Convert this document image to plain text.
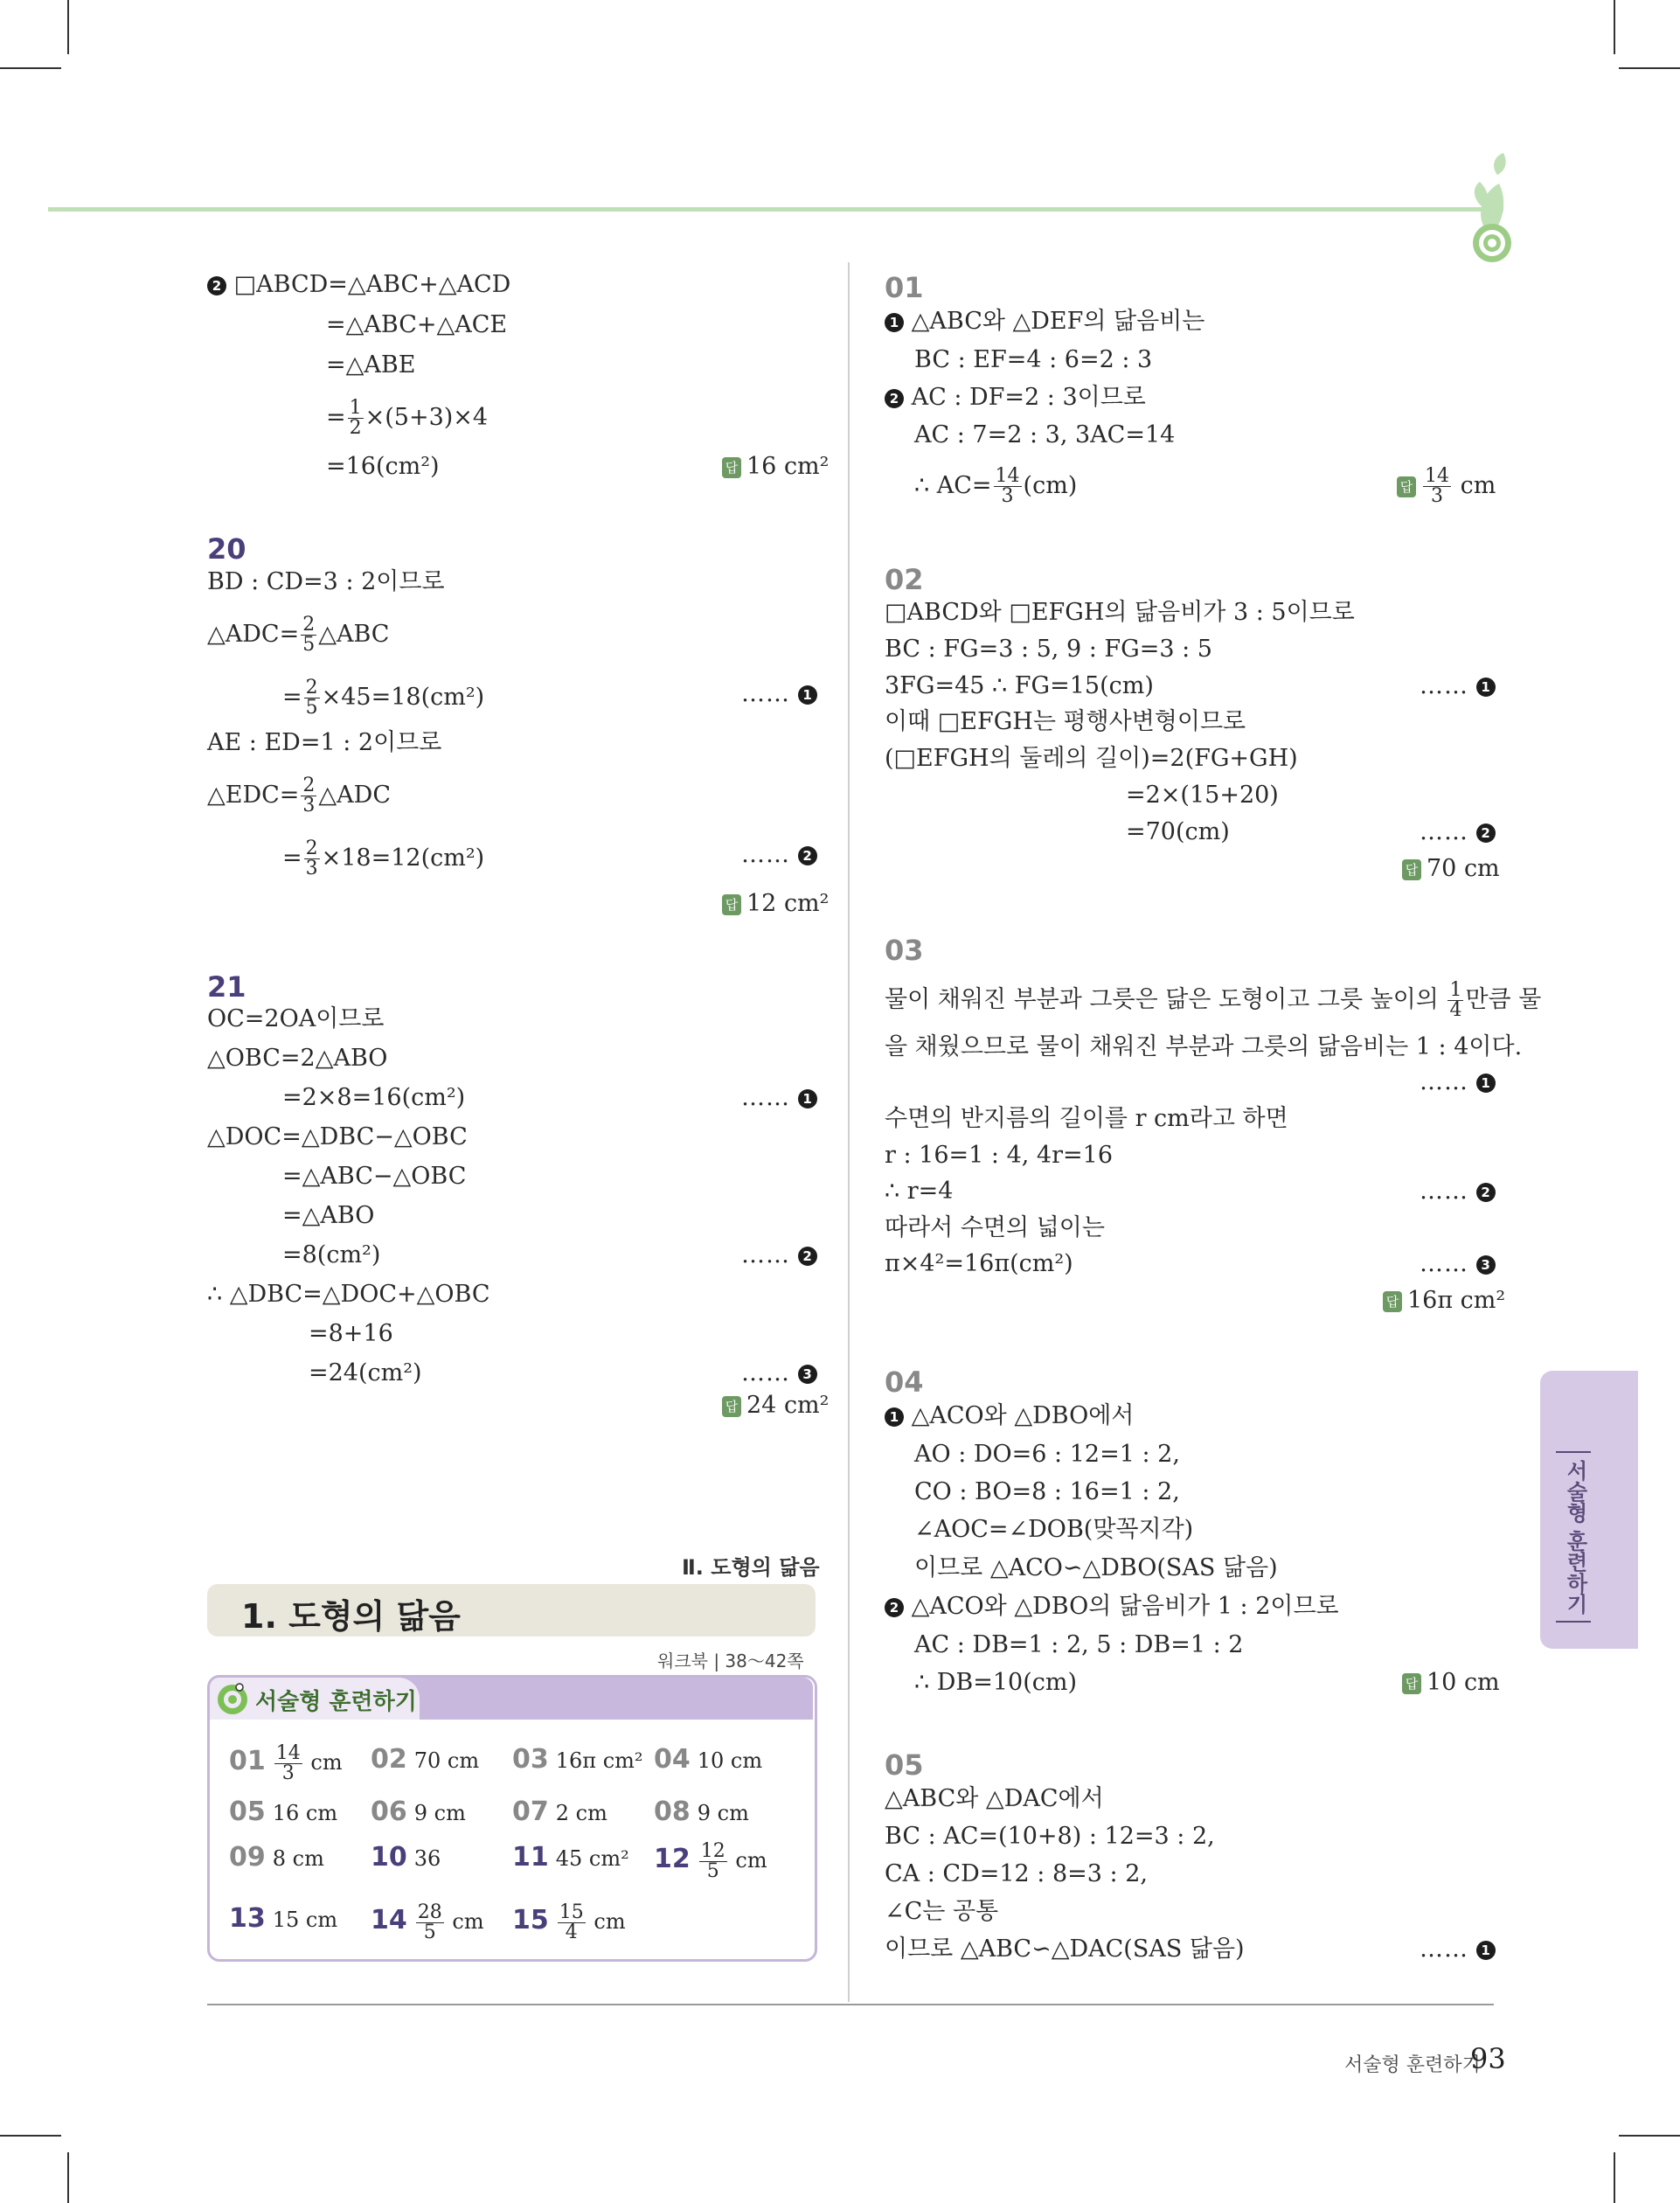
2 □ABCD=△ABC+△ACD
=△ABC+△ACE
=△ABE
= $\frac{1}{2} \times(5+3)\times 4$
=16(cm²)	답 16 cm²
20
BD : CD=3 : 2이므로
△ADC= $\frac{2}{5}$ △ABC
= $\frac{2}{5} \times 45=18(cm^2)$	…… 1
AE : ED=1 : 2이므로
△EDC= $\frac{2}{3}$ △ADC
= $\frac{2}{3} \times 18=12(cm^2)$	…… 2
답 12 cm²
21
OC=2OA이므로
△OBC=2△ABO
=2×8=16(cm²)	…… 1
△DOC=△DBC−△OBC
=△ABC−△OBC
=△ABO
=8(cm²)	…… 2
∴ △DBC=△DOC+△OBC
=8+16
=24(cm²)	…… 3
답 24 cm²
Ⅱ. 도형의 닮음
1. 도형의 닮음
워크북 | 38～42쪽
서술형 훈련하기
$01 \frac{14}{3}$ cm 02 70 cm 03 16π cm² 04 10 cm
05 16 cm 06 9 cm 07 2 cm 08 9 cm
09 8 cm 10 36	11 45 cm² $12 \frac{12}{5}$ cm
13 15 cm $14 \frac{28}{5}$ cm $15 \frac{15}{4}$ cm
01
1 △ABC와 △DEF의 닮음비는
BC : EF=4 : 6=2 : 3
2 AC : DF=2 : 3이므로
AC : 7=2 : 3, 3AC=14
∴ $AC= \frac{14}{3} (cm)$	답 $\frac{14}{3}$ cm
02
□ABCD와 □EFGH의 닮음비가 3 : 5이므로
BC : FG=3 : 5, 9 : FG=3 : 5
3FG=45 ∴ FG=15(cm)	…… 1
이때 □EFGH는 평행사변형이므로
(□EFGH의 둘레의 길이)=2(FG+GH)
=2×(15+20)
=70(cm)	…… 2
답 70 cm
03
물이 채워진 부분과 그릇은 닮은 도형이고 그릇 높이의 $\frac{1}{4}$ 만큼 물
을 채웠으므로 물이 채워진 부분과 그릇의 닮음비는 1 : 4이다.
…… 1
수면의 반지름의 길이를 r cm라고 하면
r : 16=1 : 4, 4r=16
∴ r=4	…… 2
따라서 수면의 넓이는
π×4²=16π(cm²)	…… 3
답 16π cm²
04
1 △ACO와 △DBO에서
AO : DO=6 : 12=1 : 2,
CO : BO=8 : 16=1 : 2,
∠AOC=∠DOB(맞꼭지각)
이므로 △ACO∽△DBO(SAS 닮음)
2 △ACO와 △DBO의 닮음비가 1 : 2이므로
AC : DB=1 : 2, 5 : DB=1 : 2
∴ DB=10(cm)	답 10 cm
05
△ABC와 △DAC에서
BC : AC=(10+8) : 12=3 : 2,
CA : CD=12 : 8=3 : 2,
∠C는 공통
이므로 △ABC∽△DAC(SAS 닮음)	…… 1
서술형 훈련하기
서술형 훈련하기
93
